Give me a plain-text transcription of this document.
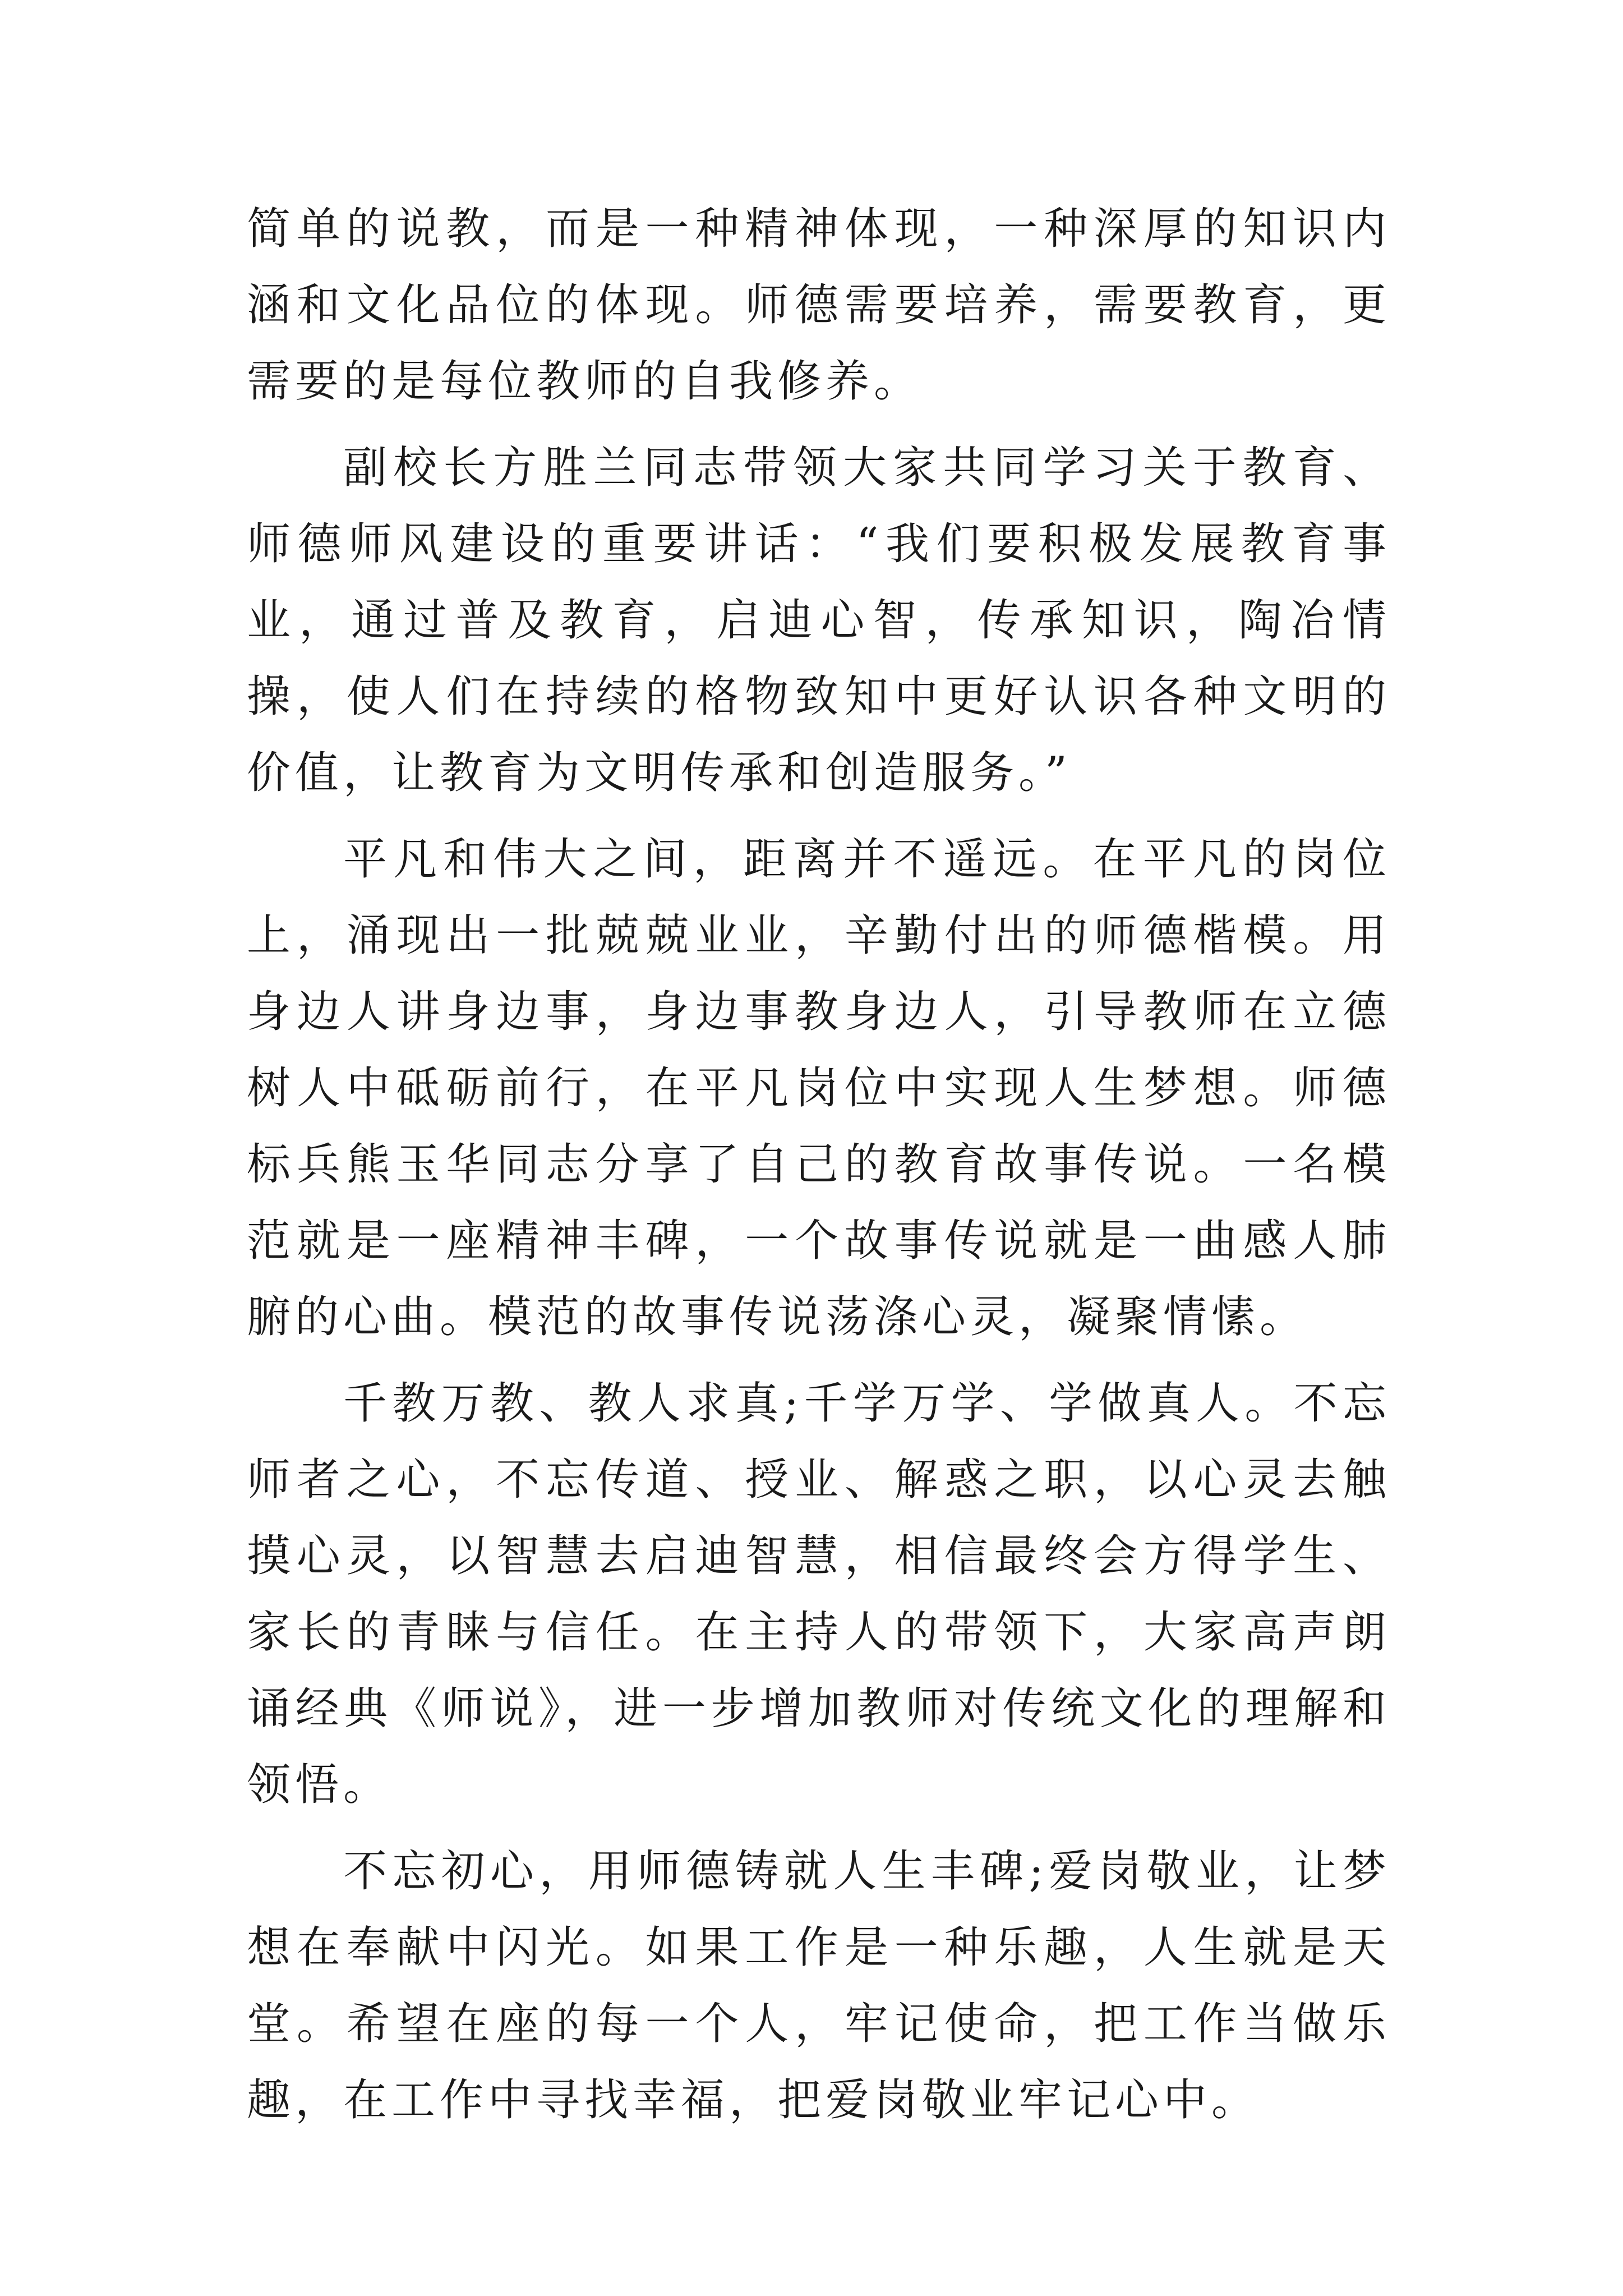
简单的说教，而是一种精神体现，一种深厚的知识内涵和文化品位的体现。师德需要培养，需要教育，更需要的是每位教师的自我修养。

副校长方胜兰同志带领大家共同学习关于教育、师德师风建设的重要讲话：“我们要积极发展教育事业，通过普及教育，启迪心智，传承知识，陶冶情操，使人们在持续的格物致知中更好认识各种文明的价值，让教育为文明传承和创造服务。”

平凡和伟大之间，距离并不遥远。在平凡的岗位上，涌现出一批兢兢业业，辛勤付出的师德楷模。用身边人讲身边事，身边事教身边人，引导教师在立德树人中砥砺前行，在平凡岗位中实现人生梦想。师德标兵熊玉华同志分享了自己的教育故事传说。一名模范就是一座精神丰碑，一个故事传说就是一曲感人肺腑的心曲。模范的故事传说荡涤心灵，凝聚情愫。

千教万教、教人求真;千学万学、学做真人。不忘师者之心，不忘传道、授业、解惑之职，以心灵去触摸心灵，以智慧去启迪智慧，相信最终会方得学生、家长的青睐与信任。在主持人的带领下，大家高声朗诵经典《师说》，进一步增加教师对传统文化的理解和领悟。

不忘初心，用师德铸就人生丰碑;爱岗敬业，让梦想在奉献中闪光。如果工作是一种乐趣，人生就是天堂。希望在座的每一个人，牢记使命，把工作当做乐趣，在工作中寻找幸福，把爱岗敬业牢记心中。
